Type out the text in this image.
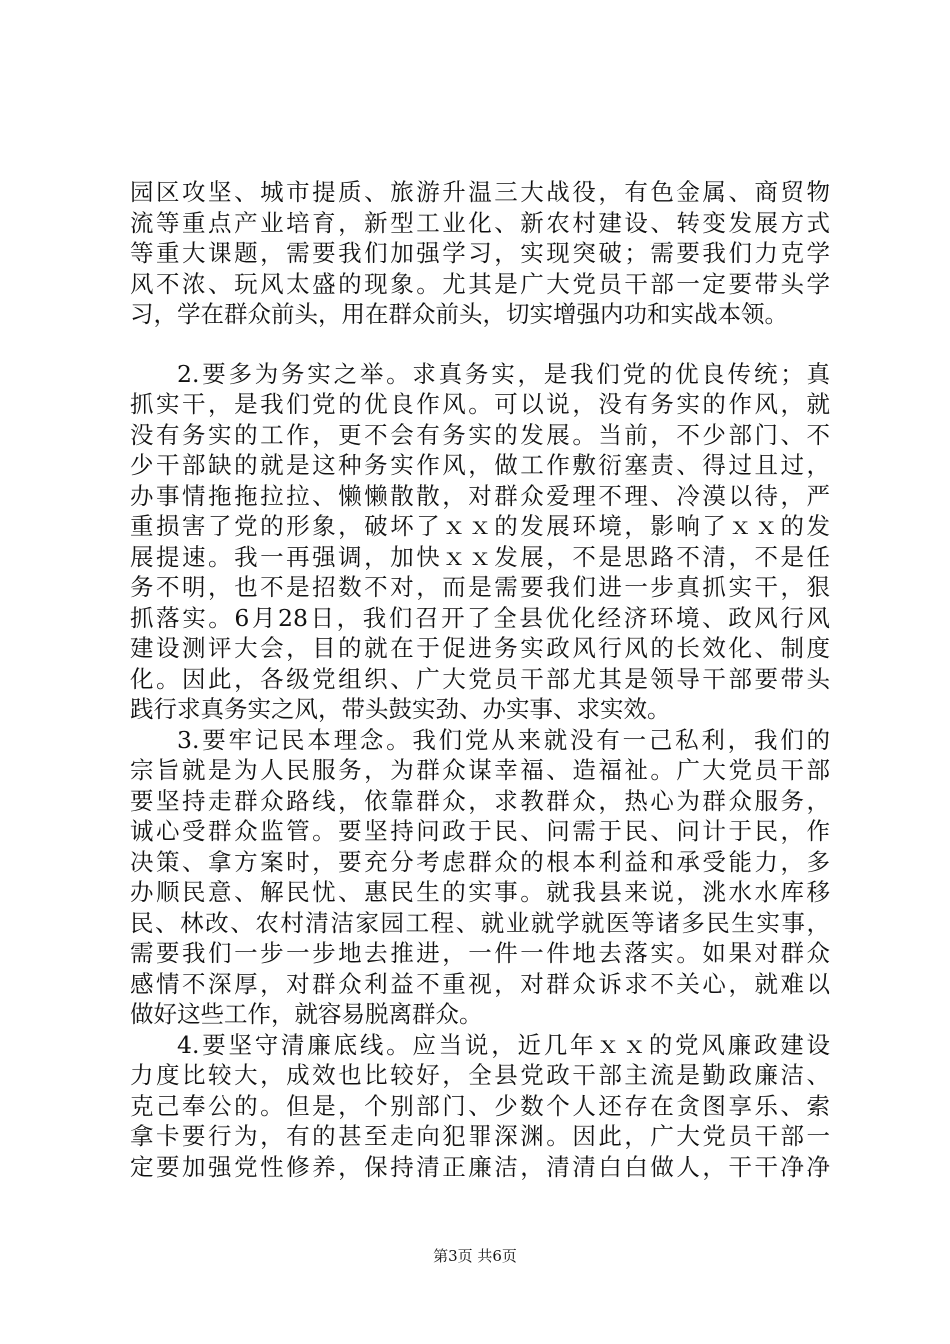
园区攻坚、城市提质、旅游升温三大战役，有色金属、商贸物
流等重点产业培育，新型工业化、新农村建设、转变发展方式
等重大课题，需要我们加强学习，实现突破；需要我们力克学
风不浓、玩风太盛的现象。尤其是广大党员干部一定要带头学
习，学在群众前头，用在群众前头，切实增强内功和实战本领。
2.要多为务实之举。求真务实，是我们党的优良传统；真
抓实干，是我们党的优良作风。可以说，没有务实的作风，就
没有务实的工作，更不会有务实的发展。当前，不少部门、不
少干部缺的就是这种务实作风，做工作敷衍塞责、得过且过，
办事情拖拖拉拉、懒懒散散，对群众爱理不理、冷漠以待，严
重损害了党的形象，破坏了ｘｘ的发展环境，影响了ｘｘ的发
展提速。我一再强调，加快ｘｘ发展，不是思路不清，不是任
务不明，也不是招数不对，而是需要我们进一步真抓实干，狠
抓落实。6月28日，我们召开了全县优化经济环境、政风行风
建设测评大会，目的就在于促进务实政风行风的长效化、制度
化。因此，各级党组织、广大党员干部尤其是领导干部要带头
践行求真务实之风，带头鼓实劲、办实事、求实效。
3.要牢记民本理念。我们党从来就没有一己私利，我们的
宗旨就是为人民服务，为群众谋幸福、造福祉。广大党员干部
要坚持走群众路线，依靠群众，求教群众，热心为群众服务，
诚心受群众监管。要坚持问政于民、问需于民、问计于民，作
决策、拿方案时，要充分考虑群众的根本利益和承受能力，多
办顺民意、解民忧、惠民生的实事。就我县来说，洮水水库移
民、林改、农村清洁家园工程、就业就学就医等诸多民生实事，
需要我们一步一步地去推进，一件一件地去落实。如果对群众
感情不深厚，对群众利益不重视，对群众诉求不关心，就难以
做好这些工作，就容易脱离群众。
4.要坚守清廉底线。应当说，近几年ｘｘ的党风廉政建设
力度比较大，成效也比较好，全县党政干部主流是勤政廉洁、
克己奉公的。但是，个别部门、少数个人还存在贪图享乐、索
拿卡要行为，有的甚至走向犯罪深渊。因此，广大党员干部一
定要加强党性修养，保持清正廉洁，清清白白做人，干干净净
第3页 共6页
